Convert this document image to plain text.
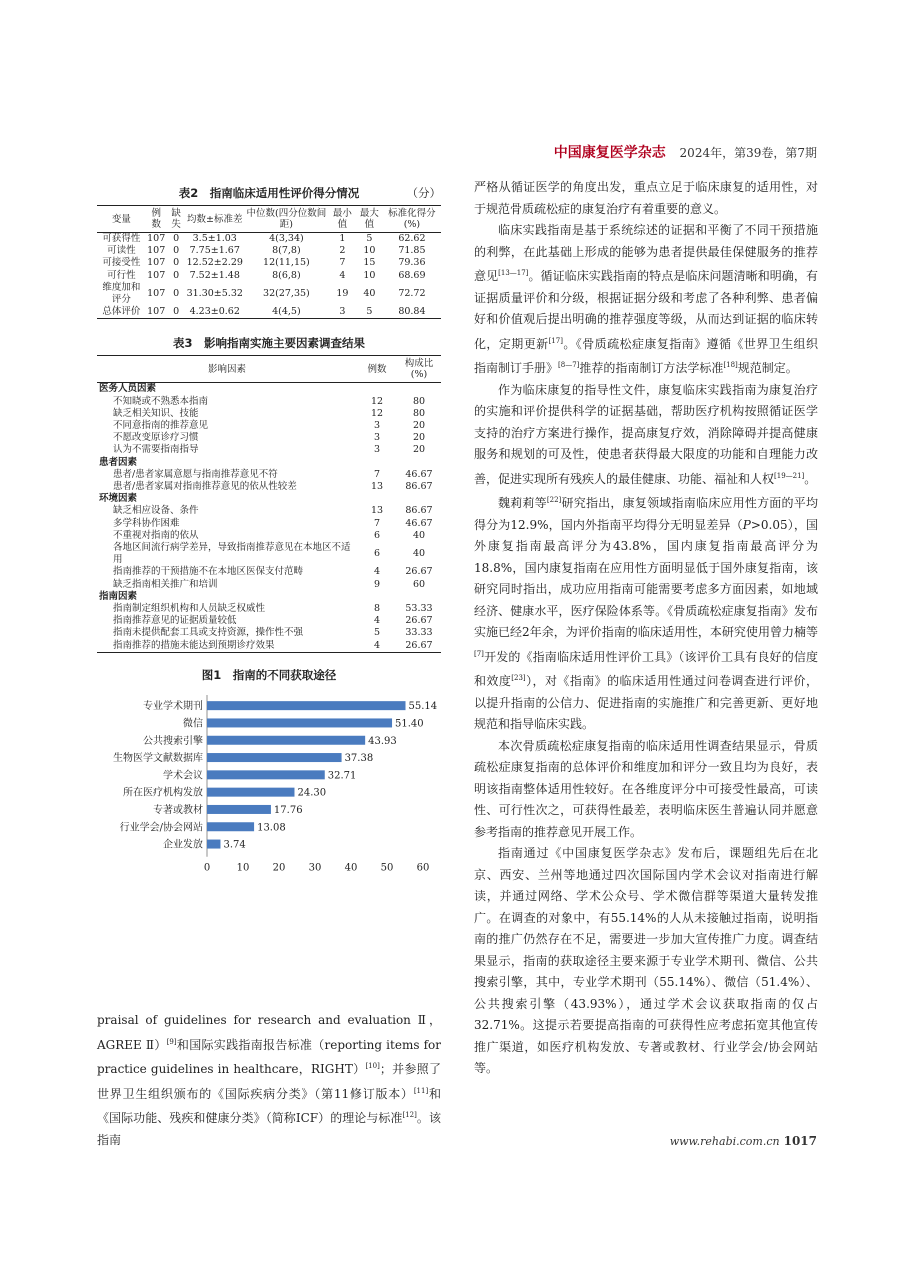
中国康复医学杂志 2024年，第39卷，第7期
表2　指南临床适用性评价得分情况	（分）
变量	例数	缺失	均数±标准差	中位数(四分位数间距)	最小值	最大值	标准化得分(%)
可获得性	107	0	3.5±1.03	4(3,34)	1	5	62.62
可读性	107	0	7.75±1.67	8(7,8)	2	10	71.85
可接受性	107	0	12.52±2.29	12(11,15)	7	15	79.36
可行性	107	0	7.52±1.48	8(6,8)	4	10	68.69
维度加和评分	107	0	31.30±5.32	32(27,35)	19	40	72.72
总体评价	107	0	4.23±0.62	4(4,5)	3	5	80.84
表3　影响指南实施主要因素调查结果
影响因素	例数	构成比(%)
医务人员因素		
不知晓或不熟悉本指南	12	80
缺乏相关知识、技能	12	80
不同意指南的推荐意见	3	20
不愿改变原诊疗习惯	3	20
认为不需要指南指导	3	20
患者因素		
患者/患者家属意愿与指南推荐意见不符	7	46.67
患者/患者家属对指南推荐意见的依从性较差	13	86.67
环境因素		
缺乏相应设备、条件	13	86.67
多学科协作困难	7	46.67
不重视对指南的依从	6	40
各地区间流行病学差异，导致指南推荐意见在本地区不适用	6	40
指南推荐的干预措施不在本地区医保支付范畴	4	26.67
缺乏指南相关推广和培训	9	60
指南因素		
指南制定组织机构和人员缺乏权威性	8	53.33
指南推荐意见的证据质量较低	4	26.67
指南未提供配套工具或支持资源，操作性不强	5	33.33
指南推荐的措施未能达到预期诊疗效果	4	26.67
图1　指南的不同获取途径
专业学术期刊	55.14
微信	51.40
公共搜索引擎	43.93
生物医学文献数据库	37.38
学术会议	32.71
所在医疗机构发放	24.30
专著或教材	17.76
行业学会/协会网站	13.08
企业发放 3.74
0	10 20 30 40 50 60

praisal of guidelines for research and evaluation Ⅱ，AGREE Ⅱ）[9]和国际实践指南报告标准（reporting items for practice guidelines in healthcare，RIGHT）[10]；并参照了世界卫生组织颁布的《国际疾病分类》（第11修订版本）[11]和《国际功能、残疾和健康分类》（简称ICF）的理论与标准[12]。该指南

严格从循证医学的角度出发，重点立足于临床康复的适用性，对于规范骨质疏松症的康复治疗有着重要的意义。

临床实践指南是基于系统综述的证据和平衡了不同干预措施的利弊，在此基础上形成的能够为患者提供最佳保健服务的推荐意见[13—17]。循证临床实践指南的特点是临床问题清晰和明确，有证据质量评价和分级，根据证据分级和考虑了各种利弊、患者偏好和价值观后提出明确的推荐强度等级，从而达到证据的临床转化，定期更新[17]。《骨质疏松症康复指南》遵循《世界卫生组织指南制订手册》[8—7]推荐的指南制订方法学标准[18]规范制定。

作为临床康复的指导性文件，康复临床实践指南为康复治疗的实施和评价提供科学的证据基础，帮助医疗机构按照循证医学支持的治疗方案进行操作，提高康复疗效，消除障碍并提高健康服务和规划的可及性，使患者获得最大限度的功能和自理能力改善，促进实现所有残疾人的最佳健康、功能、福祉和人权[19—21]。

魏莉莉等[22]研究指出，康复领域指南临床应用性方面的平均得分为12.9%，国内外指南平均得分无明显差异（P>0.05），国外康复指南最高评分为43.8%，国内康复指南最高评分为18.8%，国内康复指南在应用性方面明显低于国外康复指南，该研究同时指出，成功应用指南可能需要考虑多方面因素，如地域经济、健康水平，医疗保险体系等。《骨质疏松症康复指南》发布实施已经2年余，为评价指南的临床适用性，本研究使用曾力楠等[7]开发的《指南临床适用性评价工具》（该评价工具有良好的信度和效度[23]），对《指南》的临床适用性通过问卷调查进行评价，以提升指南的公信力、促进指南的实施推广和完善更新、更好地规范和指导临床实践。

本次骨质疏松症康复指南的临床适用性调查结果显示，骨质疏松症康复指南的总体评价和维度加和评分一致且均为良好，表明该指南整体适用性较好。在各维度评分中可接受性最高，可读性、可行性次之，可获得性最差，表明临床医生普遍认同并愿意参考指南的推荐意见开展工作。

指南通过《中国康复医学杂志》发布后，课题组先后在北京、西安、兰州等地通过四次国际国内学术会议对指南进行解读，并通过网络、学术公众号、学术微信群等渠道大量转发推广。在调查的对象中，有55.14%的人从未接触过指南，说明指南的推广仍然存在不足，需要进一步加大宣传推广力度。调查结果显示，指南的获取途径主要来源于专业学术期刊、微信、公共搜索引擎，其中，专业学术期刊（55.14%）、微信（51.4%）、公共搜索引擎（43.93%），通过学术会议获取指南的仅占32.71%。这提示若要提高指南的可获得性应考虑拓宽其他宣传推广渠道，如医疗机构发放、专著或教材、行业学会/协会网站等。

www.rehabi.com.cn 1017
